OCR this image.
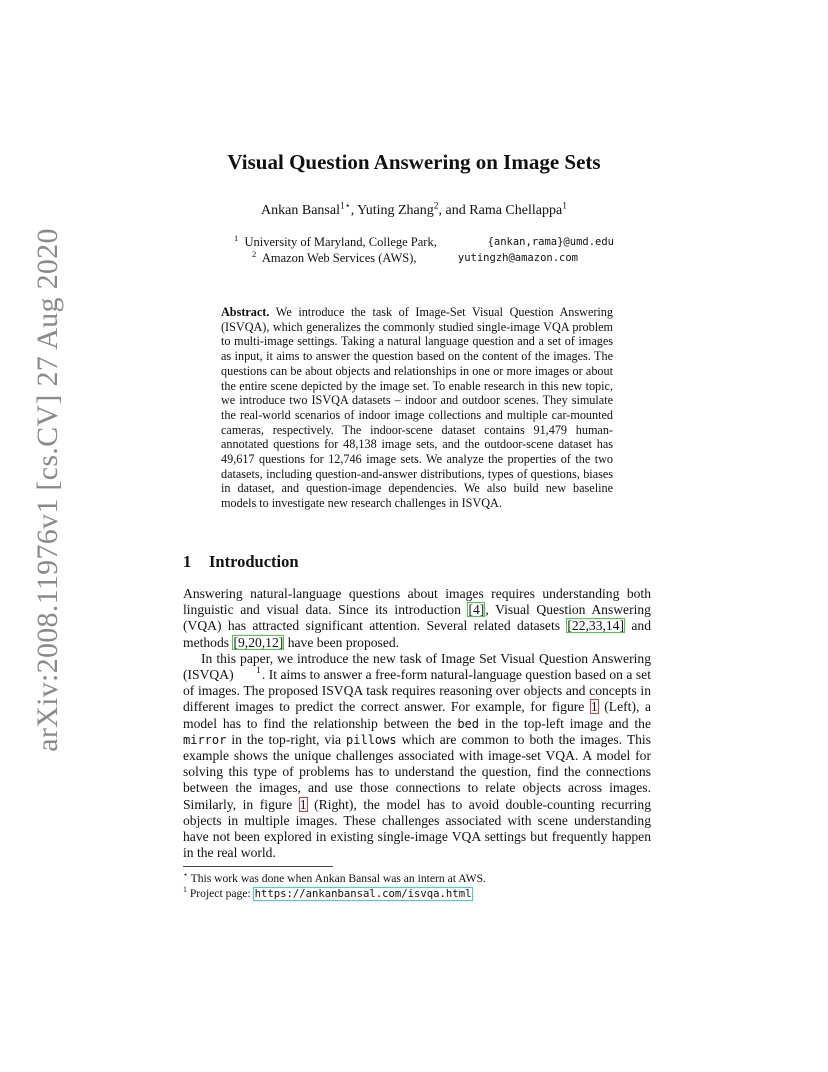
arXiv:2008.11976v1 [cs.CV] 27 Aug 2020
Visual Question Answering on Image Sets
Ankan Bansal$^{1⋆}$, Yuting Zhang$^2$, and Rama Chellappa$^1$
$^1$ University of Maryland, College Park,	{ankan,rama}@umd.edu
$^2$ Amazon Web Services (AWS),	yutingzh@amazon.com
Abstract. We introduce the task of Image-Set Visual Question Answering (ISVQA), which generalizes the commonly studied single-image VQA problem to multi-image settings. Taking a natural language question and a set of images as input, it aims to answer the question based on the content of the images. The questions can be about objects and relationships in one or more images or about the entire scene depicted by the image set. To enable research in this new topic, we introduce two ISVQA datasets – indoor and outdoor scenes. They simulate the real-world scenarios of indoor image collections and multiple car-mounted cameras, respectively. The indoor-scene dataset contains 91,479 human-annotated questions for 48,138 image sets, and the outdoor-scene dataset has 49,617 questions for 12,746 image sets. We analyze the properties of the two datasets, including question-and-answer distributions, types of questions, biases in dataset, and question-image dependencies. We also build new baseline models to investigate new research challenges in ISVQA.
1 Introduction

Answering natural-language questions about images requires understanding both linguistic and visual data. Since its introduction [4], Visual Question Answering (VQA) has attracted significant attention. Several related datasets [22,33,14] and methods [9,20,12] have been proposed.

In this paper, we introduce the new task of Image Set Visual Question Answering (ISVQA) 1. It aims to answer a free-form natural-language question based on a set of images. The proposed ISVQA task requires reasoning over objects and concepts in different images to predict the correct answer. For example, for figure 1 (Left), a model has to find the relationship between the bed in the top-left image and the mirror in the top-right, via pillows which are common to both the images. This example shows the unique challenges associated with image-set VQA. A model for solving this type of problems has to understand the question, find the connections between the images, and use those connections to relate objects across images. Similarly, in figure 1 (Right), the model has to avoid double-counting recurring objects in multiple images. These challenges associated with scene understanding have not been explored in existing single-image VQA settings but frequently happen in the real world.

⋆ This work was done when Ankan Bansal was an intern at AWS.
$^1$ Project page: https://ankanbansal.com/isvqa.html
